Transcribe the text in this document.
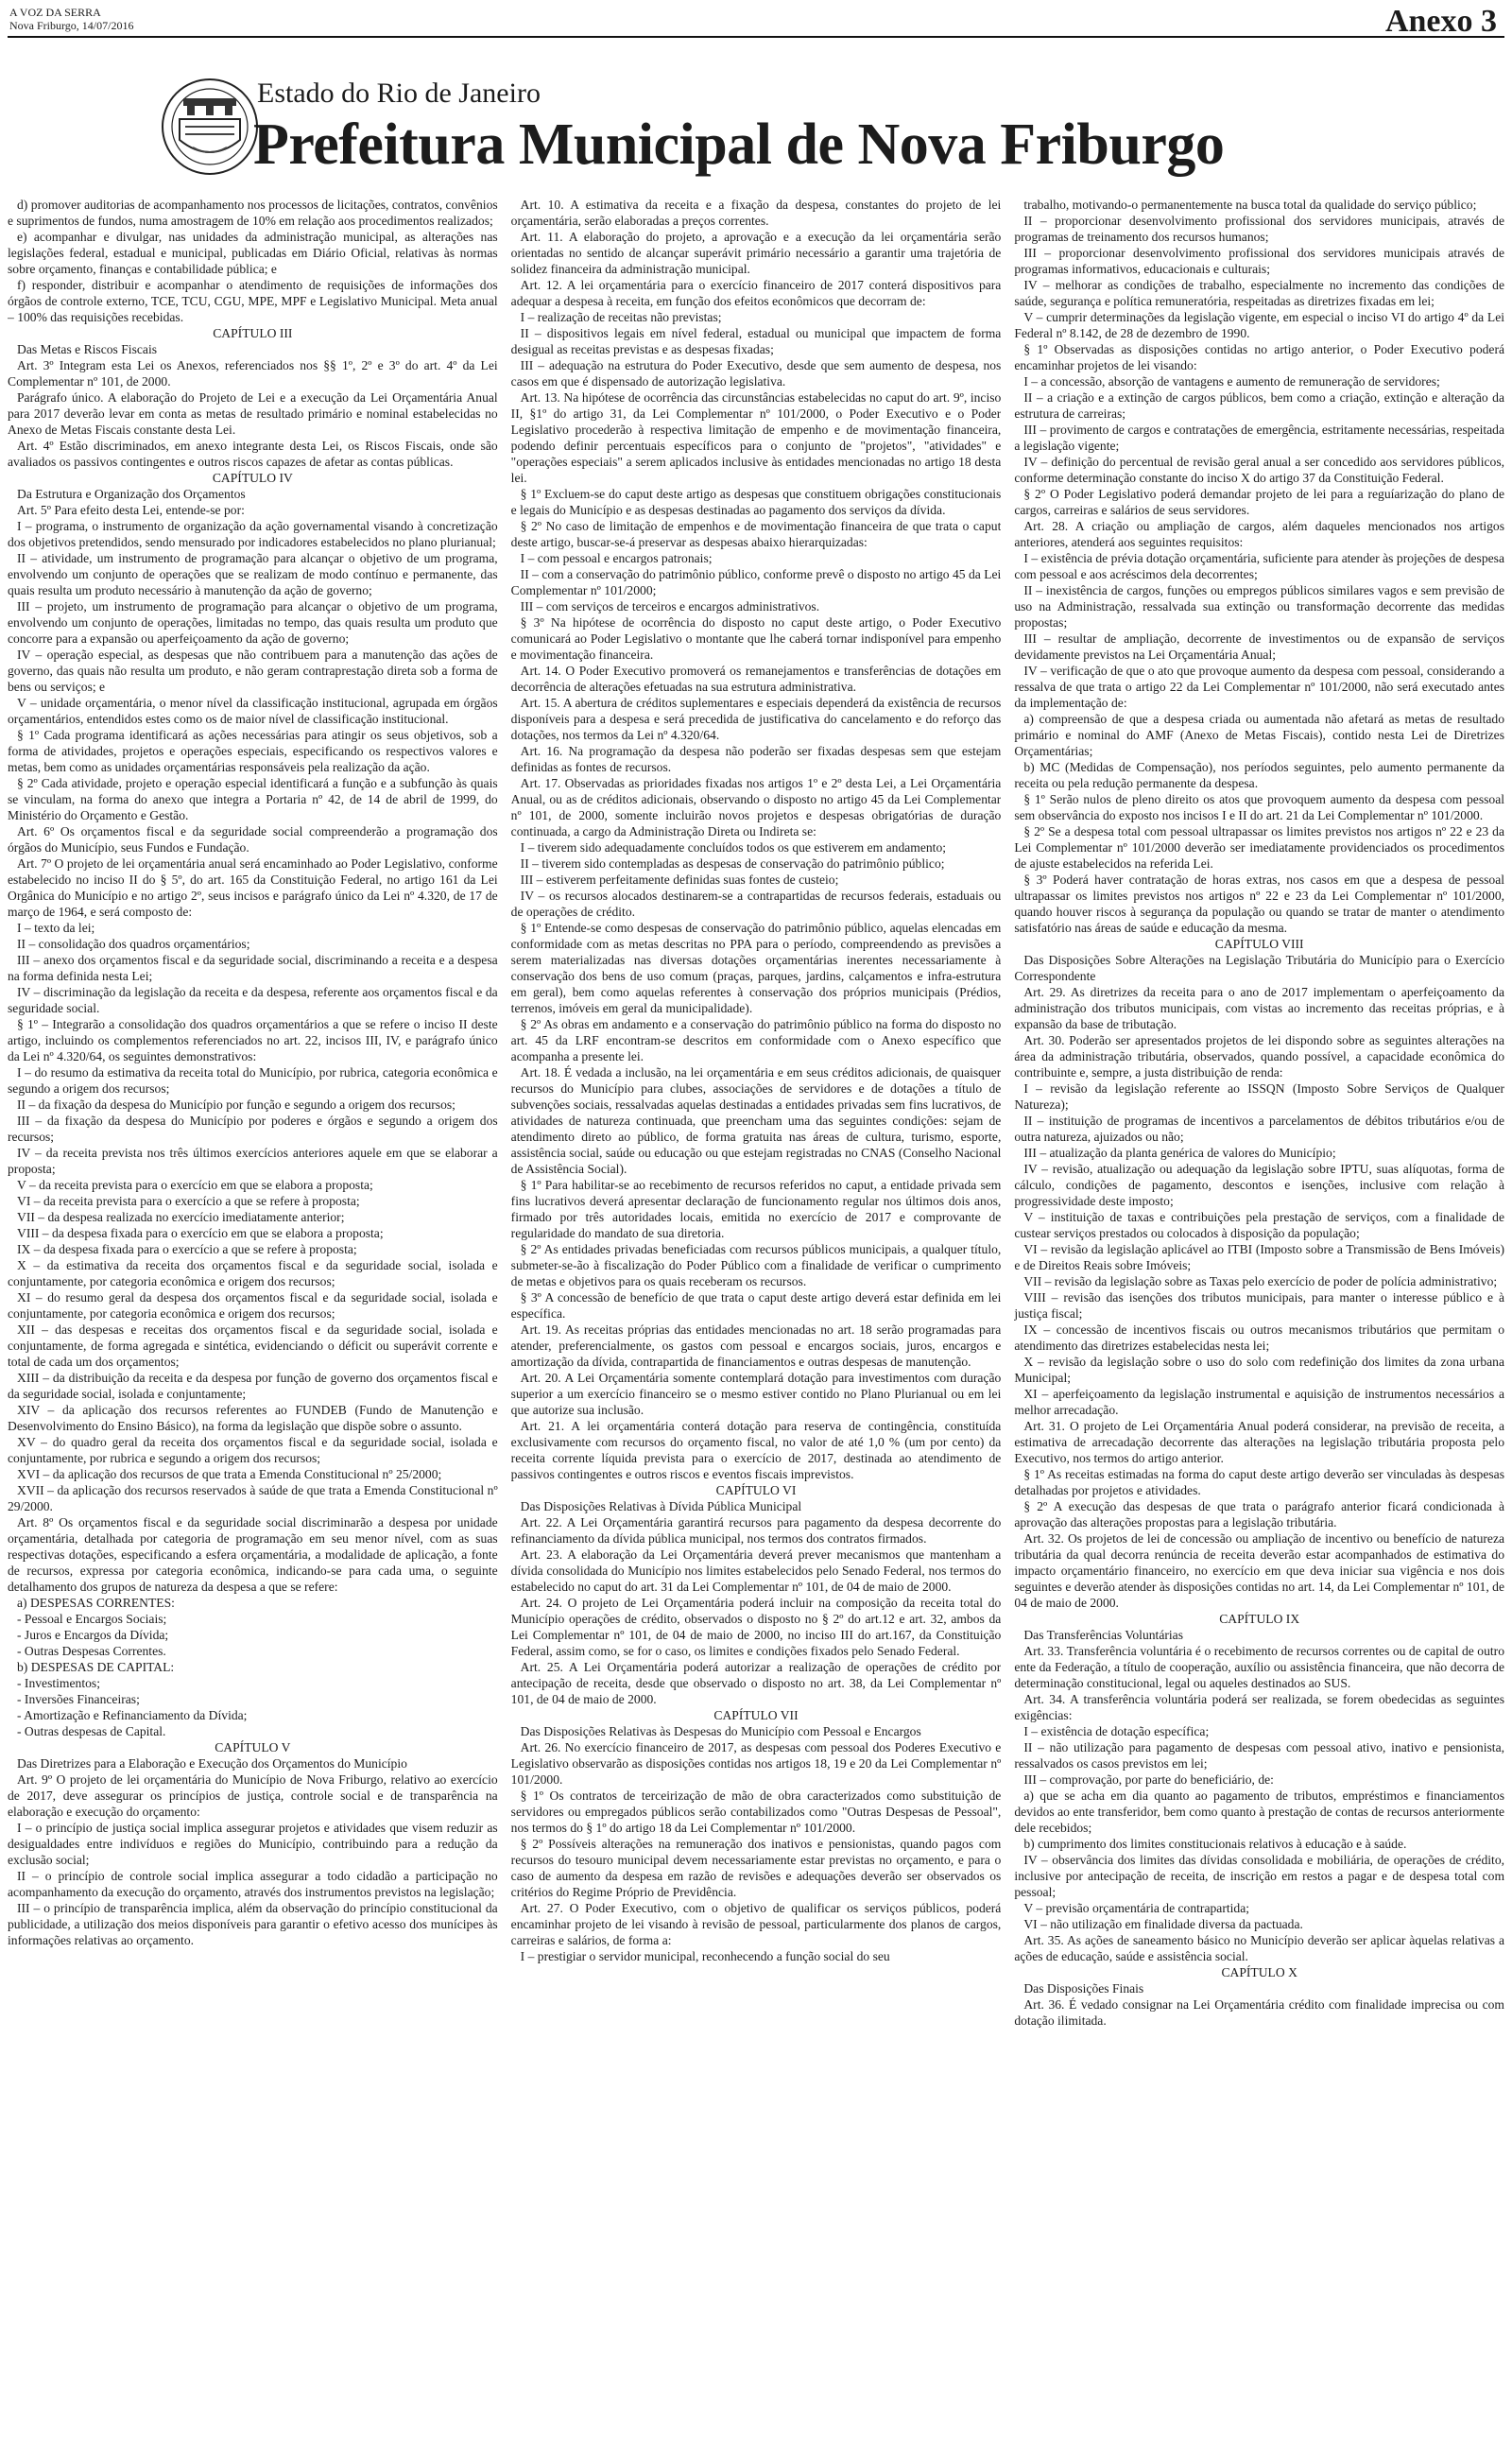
A VOZ DA SERRA
Nova Friburgo, 14/07/2016	Anexo 3
Estado do Rio de Janeiro
Prefeitura Municipal de Nova Friburgo

d) promover auditorias de acompanhamento nos processos de licitações, contratos, convênios e suprimentos de fundos, numa amostragem de 10% em relação aos procedimentos realizados;

e) acompanhar e divulgar, nas unidades da administração municipal, as alterações nas legislações federal, estadual e municipal, publicadas em Diário Oficial, relativas às normas sobre orçamento, finanças e contabilidade pública; e

f) responder, distribuir e acompanhar o atendimento de requisições de informações dos órgãos de controle externo, TCE, TCU, CGU, MPE, MPF e Legislativo Municipal. Meta anual – 100% das requisições recebidas.

CAPÍTULO III

Das Metas e Riscos Fiscais

Art. 3º Integram esta Lei os Anexos, referenciados nos §§ 1º, 2º e 3º do art. 4º da Lei Complementar nº 101, de 2000.

Parágrafo único. A elaboração do Projeto de Lei e a execução da Lei Orçamentária Anual para 2017 deverão levar em conta as metas de resultado primário e nominal estabelecidas no Anexo de Metas Fiscais constante desta Lei.

Art. 4º Estão discriminados, em anexo integrante desta Lei, os Riscos Fiscais, onde são avaliados os passivos contingentes e outros riscos capazes de afetar as contas públicas.

CAPÍTULO IV

Da Estrutura e Organização dos Orçamentos

Art. 5º Para efeito desta Lei, entende-se por:

I – programa, o instrumento de organização da ação governamental visando à concretização dos objetivos pretendidos, sendo mensurado por indicadores estabelecidos no plano plurianual;

II – atividade, um instrumento de programação para alcançar o objetivo de um programa, envolvendo um conjunto de operações que se realizam de modo contínuo e permanente, das quais resulta um produto necessário à manutenção da ação de governo;

III – projeto, um instrumento de programação para alcançar o objetivo de um programa, envolvendo um conjunto de operações, limitadas no tempo, das quais resulta um produto que concorre para a expansão ou aperfeiçoamento da ação de governo;

IV – operação especial, as despesas que não contribuem para a manutenção das ações de governo, das quais não resulta um produto, e não geram contraprestação direta sob a forma de bens ou serviços; e

V – unidade orçamentária, o menor nível da classificação institucional, agrupada em órgãos orçamentários, entendidos estes como os de maior nível de classificação institucional.

§ 1º Cada programa identificará as ações necessárias para atingir os seus objetivos, sob a forma de atividades, projetos e operações especiais, especificando os respectivos valores e metas, bem como as unidades orçamentárias responsáveis pela realização da ação.

§ 2º Cada atividade, projeto e operação especial identificará a função e a subfunção às quais se vinculam, na forma do anexo que integra a Portaria nº 42, de 14 de abril de 1999, do Ministério do Orçamento e Gestão.

Art. 6º Os orçamentos fiscal e da seguridade social compreenderão a programação dos órgãos do Município, seus Fundos e Fundação.

Art. 7º O projeto de lei orçamentária anual será encaminhado ao Poder Legislativo, conforme estabelecido no inciso II do § 5º, do art. 165 da Constituição Federal, no artigo 161 da Lei Orgânica do Município e no artigo 2º, seus incisos e parágrafo único da Lei nº 4.320, de 17 de março de 1964, e será composto de:

I – texto da lei;

II – consolidação dos quadros orçamentários;

III – anexo dos orçamentos fiscal e da seguridade social, discriminando a receita e a despesa na forma definida nesta Lei;

IV – discriminação da legislação da receita e da despesa, referente aos orçamentos fiscal e da seguridade social.

§ 1º – Integrarão a consolidação dos quadros orçamentários a que se refere o inciso II deste artigo, incluindo os complementos referenciados no art. 22, incisos III, IV, e parágrafo único da Lei nº 4.320/64, os seguintes demonstrativos:

I – do resumo da estimativa da receita total do Município, por rubrica, categoria econômica e segundo a origem dos recursos;

II – da fixação da despesa do Município por função e segundo a origem dos recursos;

III – da fixação da despesa do Município por poderes e órgãos e segundo a origem dos recursos;

IV – da receita prevista nos três últimos exercícios anteriores aquele em que se elaborar a proposta;

V – da receita prevista para o exercício em que se elabora a proposta;

VI – da receita prevista para o exercício a que se refere à proposta;

VII – da despesa realizada no exercício imediatamente anterior;

VIII – da despesa fixada para o exercício em que se elabora a proposta;

IX – da despesa fixada para o exercício a que se refere à proposta;

X – da estimativa da receita dos orçamentos fiscal e da seguridade social, isolada e conjuntamente, por categoria econômica e origem dos recursos;

XI – do resumo geral da despesa dos orçamentos fiscal e da seguridade social, isolada e conjuntamente, por categoria econômica e origem dos recursos;

XII – das despesas e receitas dos orçamentos fiscal e da seguridade social, isolada e conjuntamente, de forma agregada e sintética, evidenciando o déficit ou superávit corrente e total de cada um dos orçamentos;

XIII – da distribuição da receita e da despesa por função de governo dos orçamentos fiscal e da seguridade social, isolada e conjuntamente;

XIV – da aplicação dos recursos referentes ao FUNDEB (Fundo de Manutenção e Desenvolvimento do Ensino Básico), na forma da legislação que dispõe sobre o assunto.

XV – do quadro geral da receita dos orçamentos fiscal e da seguridade social, isolada e conjuntamente, por rubrica e segundo a origem dos recursos;

XVI – da aplicação dos recursos de que trata a Emenda Constitucional nº 25/2000;

XVII – da aplicação dos recursos reservados à saúde de que trata a Emenda Constitucional nº 29/2000.

Art. 8º Os orçamentos fiscal e da seguridade social discriminarão a despesa por unidade orçamentária, detalhada por categoria de programação em seu menor nível, com as suas respectivas dotações, especificando a esfera orçamentária, a modalidade de aplicação, a fonte de recursos, expressa por categoria econômica, indicando-se para cada uma, o seguinte detalhamento dos grupos de natureza da despesa a que se refere:

a) DESPESAS CORRENTES:

- Pessoal e Encargos Sociais;

- Juros e Encargos da Dívida;

- Outras Despesas Correntes.

b) DESPESAS DE CAPITAL:

- Investimentos;

- Inversões Financeiras;

- Amortização e Refinanciamento da Dívida;

- Outras despesas de Capital.

CAPÍTULO V

Das Diretrizes para a Elaboração e Execução dos Orçamentos do Município

Art. 9º O projeto de lei orçamentária do Município de Nova Friburgo, relativo ao exercício de 2017, deve assegurar os princípios de justiça, controle social e de transparência na elaboração e execução do orçamento:

I – o princípio de justiça social implica assegurar projetos e atividades que visem reduzir as desigualdades entre indivíduos e regiões do Município, contribuindo para a redução da exclusão social;

II – o princípio de controle social implica assegurar a todo cidadão a participação no acompanhamento da execução do orçamento, através dos instrumentos previstos na legislação;

III – o princípio de transparência implica, além da observação do princípio constitucional da publicidade, a utilização dos meios disponíveis para garantir o efetivo acesso dos munícipes às informações relativas ao orçamento.

Art. 10. A estimativa da receita e a fixação da despesa, constantes do projeto de lei orçamentária, serão elaboradas a preços correntes.

Art. 11. A elaboração do projeto, a aprovação e a execução da lei orçamentária serão orientadas no sentido de alcançar superávit primário necessário a garantir uma trajetória de solidez financeira da administração municipal.

Art. 12. A lei orçamentária para o exercício financeiro de 2017 conterá dispositivos para adequar a despesa à receita, em função dos efeitos econômicos que decorram de:

I – realização de receitas não previstas;

II – dispositivos legais em nível federal, estadual ou municipal que impactem de forma desigual as receitas previstas e as despesas fixadas;

III – adequação na estrutura do Poder Executivo, desde que sem aumento de despesa, nos casos em que é dispensado de autorização legislativa.

Art. 13. Na hipótese de ocorrência das circunstâncias estabelecidas no caput do art. 9º, inciso II, §1º do artigo 31, da Lei Complementar nº 101/2000, o Poder Executivo e o Poder Legislativo procederão à respectiva limitação de empenho e de movimentação financeira, podendo definir percentuais específicos para o conjunto de "projetos", "atividades" e "operações especiais" a serem aplicados inclusive às entidades mencionadas no artigo 18 desta lei.

§ 1º Excluem-se do caput deste artigo as despesas que constituem obrigações constitucionais e legais do Município e as despesas destinadas ao pagamento dos serviços da dívida.

§ 2º No caso de limitação de empenhos e de movimentação financeira de que trata o caput deste artigo, buscar-se-á preservar as despesas abaixo hierarquizadas:

I – com pessoal e encargos patronais;

II – com a conservação do patrimônio público, conforme prevê o disposto no artigo 45 da Lei Complementar nº 101/2000;

III – com serviços de terceiros e encargos administrativos.

§ 3º Na hipótese de ocorrência do disposto no caput deste artigo, o Poder Executivo comunicará ao Poder Legislativo o montante que lhe caberá tornar indisponível para empenho e movimentação financeira.

Art. 14. O Poder Executivo promoverá os remanejamentos e transferências de dotações em decorrência de alterações efetuadas na sua estrutura administrativa.

Art. 15. A abertura de créditos suplementares e especiais dependerá da existência de recursos disponíveis para a despesa e será precedida de justificativa do cancelamento e do reforço das dotações, nos termos da Lei nº 4.320/64.

Art. 16. Na programação da despesa não poderão ser fixadas despesas sem que estejam definidas as fontes de recursos.

Art. 17. Observadas as prioridades fixadas nos artigos 1º e 2º desta Lei, a Lei Orçamentária Anual, ou as de créditos adicionais, observando o disposto no artigo 45 da Lei Complementar nº 101, de 2000, somente incluirão novos projetos e despesas obrigatórias de duração continuada, a cargo da Administração Direta ou Indireta se:

I – tiverem sido adequadamente concluídos todos os que estiverem em andamento;

II – tiverem sido contempladas as despesas de conservação do patrimônio público;

III – estiverem perfeitamente definidas suas fontes de custeio;

IV – os recursos alocados destinarem-se a contrapartidas de recursos federais, estaduais ou de operações de crédito.

§ 1º Entende-se como despesas de conservação do patrimônio público, aquelas elencadas em conformidade com as metas descritas no PPA para o período, compreendendo as previsões a serem materializadas nas diversas dotações orçamentárias inerentes necessariamente à conservação dos bens de uso comum (praças, parques, jardins, calçamentos e infra-estrutura em geral), bem como aquelas referentes à conservação dos próprios municipais (Prédios, terrenos, imóveis em geral da municipalidade).

§ 2º As obras em andamento e a conservação do patrimônio público na forma do disposto no art. 45 da LRF encontram-se descritos em conformidade com o Anexo específico que acompanha a presente lei.

Art. 18. É vedada a inclusão, na lei orçamentária e em seus créditos adicionais, de quaisquer recursos do Município para clubes, associações de servidores e de dotações a título de subvenções sociais, ressalvadas aquelas destinadas a entidades privadas sem fins lucrativos, de atividades de natureza continuada, que preencham uma das seguintes condições: sejam de atendimento direto ao público, de forma gratuita nas áreas de cultura, turismo, esporte, assistência social, saúde ou educação ou que estejam registradas no CNAS (Conselho Nacional de Assistência Social).

§ 1º Para habilitar-se ao recebimento de recursos referidos no caput, a entidade privada sem fins lucrativos deverá apresentar declaração de funcionamento regular nos últimos dois anos, firmado por três autoridades locais, emitida no exercício de 2017 e comprovante de regularidade do mandato de sua diretoria.

§ 2º As entidades privadas beneficiadas com recursos públicos municipais, a qualquer título, submeter-se-ão à fiscalização do Poder Público com a finalidade de verificar o cumprimento de metas e objetivos para os quais receberam os recursos.

§ 3º A concessão de benefício de que trata o caput deste artigo deverá estar definida em lei específica.

Art. 19. As receitas próprias das entidades mencionadas no art. 18 serão programadas para atender, preferencialmente, os gastos com pessoal e encargos sociais, juros, encargos e amortização da dívida, contrapartida de financiamentos e outras despesas de manutenção.

Art. 20. A Lei Orçamentária somente contemplará dotação para investimentos com duração superior a um exercício financeiro se o mesmo estiver contido no Plano Plurianual ou em lei que autorize sua inclusão.

Art. 21. A lei orçamentária conterá dotação para reserva de contingência, constituída exclusivamente com recursos do orçamento fiscal, no valor de até 1,0 % (um por cento) da receita corrente líquida prevista para o exercício de 2017, destinada ao atendimento de passivos contingentes e outros riscos e eventos fiscais imprevistos.

CAPÍTULO VI

Das Disposições Relativas à Dívida Pública Municipal

Art. 22. A Lei Orçamentária garantirá recursos para pagamento da despesa decorrente do refinanciamento da dívida pública municipal, nos termos dos contratos firmados.

Art. 23. A elaboração da Lei Orçamentária deverá prever mecanismos que mantenham a dívida consolidada do Município nos limites estabelecidos pelo Senado Federal, nos termos do estabelecido no caput do art. 31 da Lei Complementar nº 101, de 04 de maio de 2000.

Art. 24. O projeto de Lei Orçamentária poderá incluir na composição da receita total do Município operações de crédito, observados o disposto no § 2º do art.12 e art. 32, ambos da Lei Complementar nº 101, de 04 de maio de 2000, no inciso III do art.167, da Constituição Federal, assim como, se for o caso, os limites e condições fixados pelo Senado Federal.

Art. 25. A Lei Orçamentária poderá autorizar a realização de operações de crédito por antecipação de receita, desde que observado o disposto no art. 38, da Lei Complementar nº 101, de 04 de maio de 2000.

CAPÍTULO VII

Das Disposições Relativas às Despesas do Município com Pessoal e Encargos

Art. 26. No exercício financeiro de 2017, as despesas com pessoal dos Poderes Executivo e Legislativo observarão as disposições contidas nos artigos 18, 19 e 20 da Lei Complementar nº 101/2000.

§ 1º Os contratos de terceirização de mão de obra caracterizados como substituição de servidores ou empregados públicos serão contabilizados como "Outras Despesas de Pessoal", nos termos do § 1º do artigo 18 da Lei Complementar nº 101/2000.

§ 2º Possíveis alterações na remuneração dos inativos e pensionistas, quando pagos com recursos do tesouro municipal devem necessariamente estar previstas no orçamento, e para o caso de aumento da despesa em razão de revisões e adequações deverão ser observados os critérios do Regime Próprio de Previdência.

Art. 27. O Poder Executivo, com o objetivo de qualificar os serviços públicos, poderá encaminhar projeto de lei visando à revisão de pessoal, particularmente dos planos de cargos, carreiras e salários, de forma a:

I – prestigiar o servidor municipal, reconhecendo a função social do seu

trabalho, motivando-o permanentemente na busca total da qualidade do serviço público;

II – proporcionar desenvolvimento profissional dos servidores municipais, através de programas de treinamento dos recursos humanos;

III – proporcionar desenvolvimento profissional dos servidores municipais através de programas informativos, educacionais e culturais;

IV – melhorar as condições de trabalho, especialmente no incremento das condições de saúde, segurança e política remuneratória, respeitadas as diretrizes fixadas em lei;

V – cumprir determinações da legislação vigente, em especial o inciso VI do artigo 4º da Lei Federal nº 8.142, de 28 de dezembro de 1990.

§ 1º Observadas as disposições contidas no artigo anterior, o Poder Executivo poderá encaminhar projetos de lei visando:

I – a concessão, absorção de vantagens e aumento de remuneração de servidores;

II – a criação e a extinção de cargos públicos, bem como a criação, extinção e alteração da estrutura de carreiras;

III – provimento de cargos e contratações de emergência, estritamente necessárias, respeitada a legislação vigente;

IV – definição do percentual de revisão geral anual a ser concedido aos servidores públicos, conforme determinação constante do inciso X do artigo 37 da Constituição Federal.

§ 2º O Poder Legislativo poderá demandar projeto de lei para a reguíarização do plano de cargos, carreiras e salários de seus servidores.

Art. 28. A criação ou ampliação de cargos, além daqueles mencionados nos artigos anteriores, atenderá aos seguintes requisitos:

I – existência de prévia dotação orçamentária, suficiente para atender às projeções de despesa com pessoal e aos acréscimos dela decorrentes;

II – inexistência de cargos, funções ou empregos públicos similares vagos e sem previsão de uso na Administração, ressalvada sua extinção ou transformação decorrente das medidas propostas;

III – resultar de ampliação, decorrente de investimentos ou de expansão de serviços devidamente previstos na Lei Orçamentária Anual;

IV – verificação de que o ato que provoque aumento da despesa com pessoal, considerando a ressalva de que trata o artigo 22 da Lei Complementar nº 101/2000, não será executado antes da implementação de:

a) compreensão de que a despesa criada ou aumentada não afetará as metas de resultado primário e nominal do AMF (Anexo de Metas Fiscais), contido nesta Lei de Diretrizes Orçamentárias;

b) MC (Medidas de Compensação), nos períodos seguintes, pelo aumento permanente da receita ou pela redução permanente da despesa.

§ 1º Serão nulos de pleno direito os atos que provoquem aumento da despesa com pessoal sem observância do exposto nos incisos I e II do art. 21 da Lei Complementar nº 101/2000.

§ 2º Se a despesa total com pessoal ultrapassar os limites previstos nos artigos nº 22 e 23 da Lei Complementar nº 101/2000 deverão ser imediatamente providenciados os procedimentos de ajuste estabelecidos na referida Lei.

§ 3º Poderá haver contratação de horas extras, nos casos em que a despesa de pessoal ultrapassar os limites previstos nos artigos nº 22 e 23 da Lei Complementar nº 101/2000, quando houver riscos à segurança da população ou quando se tratar de manter o atendimento satisfatório nas áreas de saúde e educação da mesma.

CAPÍTULO VIII

Das Disposições Sobre Alterações na Legislação Tributária do Município para o Exercício Correspondente

Art. 29. As diretrizes da receita para o ano de 2017 implementam o aperfeiçoamento da administração dos tributos municipais, com vistas ao incremento das receitas próprias, e à expansão da base de tributação.

Art. 30. Poderão ser apresentados projetos de lei dispondo sobre as seguintes alterações na área da administração tributária, observados, quando possível, a capacidade econômica do contribuinte e, sempre, a justa distribuição de renda:

I – revisão da legislação referente ao ISSQN (Imposto Sobre Serviços de Qualquer Natureza);

II – instituição de programas de incentivos a parcelamentos de débitos tributários e/ou de outra natureza, ajuizados ou não;

III – atualização da planta genérica de valores do Município;

IV – revisão, atualização ou adequação da legislação sobre IPTU, suas alíquotas, forma de cálculo, condições de pagamento, descontos e isenções, inclusive com relação à progressividade deste imposto;

V – instituição de taxas e contribuições pela prestação de serviços, com a finalidade de custear serviços prestados ou colocados à disposição da população;

VI – revisão da legislação aplicável ao ITBI (Imposto sobre a Transmissão de Bens Imóveis) e de Direitos Reais sobre Imóveis;

VII – revisão da legislação sobre as Taxas pelo exercício de poder de polícia administrativo;

VIII – revisão das isenções dos tributos municipais, para manter o interesse público e à justiça fiscal;

IX – concessão de incentivos fiscais ou outros mecanismos tributários que permitam o atendimento das diretrizes estabelecidas nesta lei;

X – revisão da legislação sobre o uso do solo com redefinição dos limites da zona urbana Municipal;

XI – aperfeiçoamento da legislação instrumental e aquisição de instrumentos necessários a melhor arrecadação.

Art. 31. O projeto de Lei Orçamentária Anual poderá considerar, na previsão de receita, a estimativa de arrecadação decorrente das alterações na legislação tributária proposta pelo Executivo, nos termos do artigo anterior.

§ 1º As receitas estimadas na forma do caput deste artigo deverão ser vinculadas às despesas detalhadas por projetos e atividades.

§ 2º A execução das despesas de que trata o parágrafo anterior ficará condicionada à aprovação das alterações propostas para a legislação tributária.

Art. 32. Os projetos de lei de concessão ou ampliação de incentivo ou benefício de natureza tributária da qual decorra renúncia de receita deverão estar acompanhados de estimativa do impacto orçamentário financeiro, no exercício em que deva iniciar sua vigência e nos dois seguintes e deverão atender às disposições contidas no art. 14, da Lei Complementar nº 101, de 04 de maio de 2000.

CAPÍTULO IX

Das Transferências Voluntárias

Art. 33. Transferência voluntária é o recebimento de recursos correntes ou de capital de outro ente da Federação, a título de cooperação, auxílio ou assistência financeira, que não decorra de determinação constitucional, legal ou aqueles destinados ao SUS.

Art. 34. A transferência voluntária poderá ser realizada, se forem obedecidas as seguintes exigências:

I – existência de dotação específica;

II – não utilização para pagamento de despesas com pessoal ativo, inativo e pensionista, ressalvados os casos previstos em lei;

III – comprovação, por parte do beneficiário, de:

a) que se acha em dia quanto ao pagamento de tributos, empréstimos e financiamentos devidos ao ente transferidor, bem como quanto à prestação de contas de recursos anteriormente dele recebidos;

b) cumprimento dos limites constitucionais relativos à educação e à saúde.

IV – observância dos limites das dívidas consolidada e mobiliária, de operações de crédito, inclusive por antecipação de receita, de inscrição em restos a pagar e de despesa total com pessoal;

V – previsão orçamentária de contrapartida;

VI – não utilização em finalidade diversa da pactuada.

Art. 35. As ações de saneamento básico no Município deverão ser aplicar àquelas relativas a ações de educação, saúde e assistência social.

CAPÍTULO X

Das Disposições Finais

Art. 36. É vedado consignar na Lei Orçamentária crédito com finalidade imprecisa ou com dotação ilimitada.
